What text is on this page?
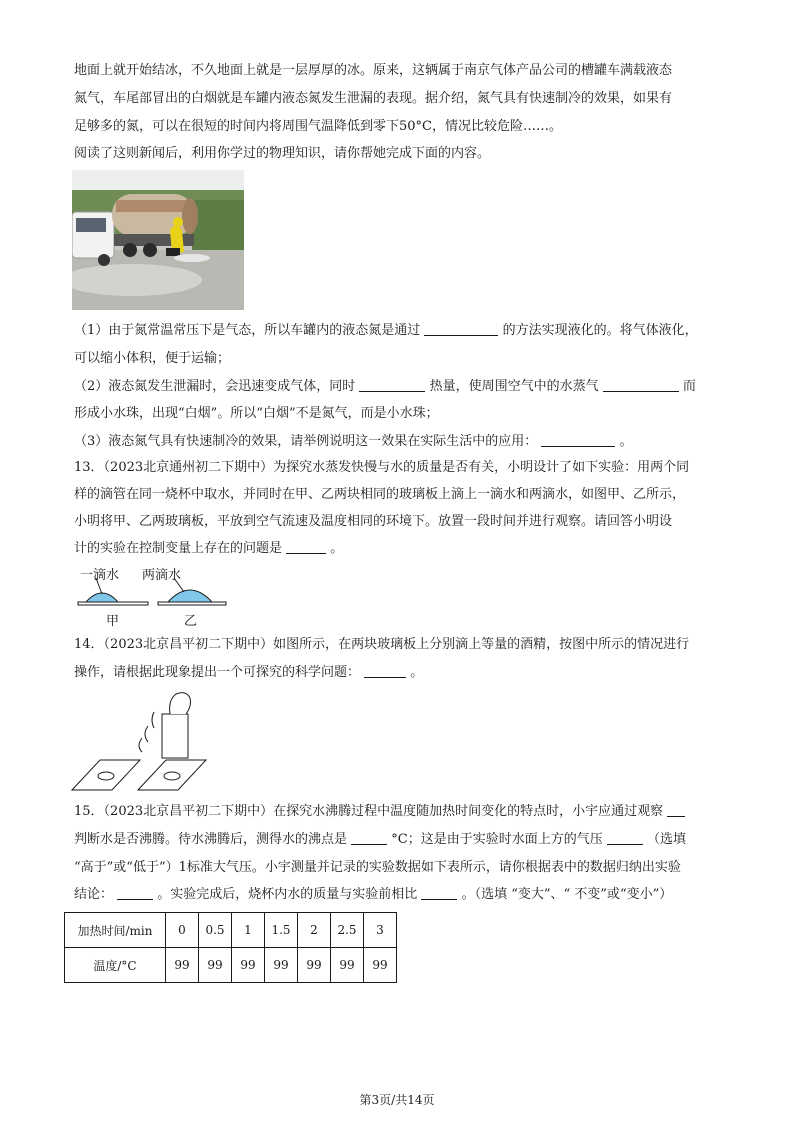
地面上就开始结冰，不久地面上就是一层厚厚的冰。原来，这辆属于南京气体产品公司的槽罐车满载液态
氮气，车尾部冒出的白烟就是车罐内液态氮发生泄漏的表现。据介绍，氮气具有快速制冷的效果，如果有
足够多的氮，可以在很短的时间内将周围气温降低到零下50°C，情况比较危险……。
阅读了这则新闻后，利用你学过的物理知识，请你帮她完成下面的内容。
（1）由于氮常温常压下是气态，所以车罐内的液态氮是通过	的方法实现液化的。将气体液化，
可以缩小体积，便于运输；
（2）液态氮发生泄漏时，会迅速变成气体，同时	热量，使周围空气中的水蒸气	而
形成小水珠，出现“白烟”。所以“白烟”不是氮气，而是小水珠；
（3）液态氮气具有快速制冷的效果，请举例说明这一效果在实际生活中的应用：	。
13．（2023北京通州初二下期中）为探究水蒸发快慢与水的质量是否有关，小明设计了如下实验：用两个同
样的滴管在同一烧杯中取水，并同时在甲、乙两块相同的玻璃板上滴上一滴水和两滴水，如图甲、乙所示，
小明将甲、乙两玻璃板，平放到空气流速及温度相同的环境下。放置一段时间并进行观察。请回答小明设
计的实验在控制变量上存在的问题是	。
一滴水 两滴水
甲	乙
14．（2023北京昌平初二下期中）如图所示，在两块玻璃板上分别滴上等量的酒精，按图中所示的情况进行
操作，请根据此现象提出一个可探究的科学问题：	。
15．（2023北京昌平初二下期中）在探究水沸腾过程中温度随加热时间变化的特点时，小宇应通过观察
判断水是否沸腾。待水沸腾后，测得水的沸点是	°C；这是由于实验时水面上方的气压	（选填
“高于”或“低于”）1标准大气压。小宇测量并记录的实验数据如下表所示，请你根据表中的数据归纳出实验
结论：	。实验完成后，烧杯内水的质量与实验前相比	。（选填 “变大”、“ 不变”或“变小”）
加热时间/min	0	0.5	1	1.5	2	2.5	3
温度/°C	99	99	99	99	99	99	99
第3页/共14页
